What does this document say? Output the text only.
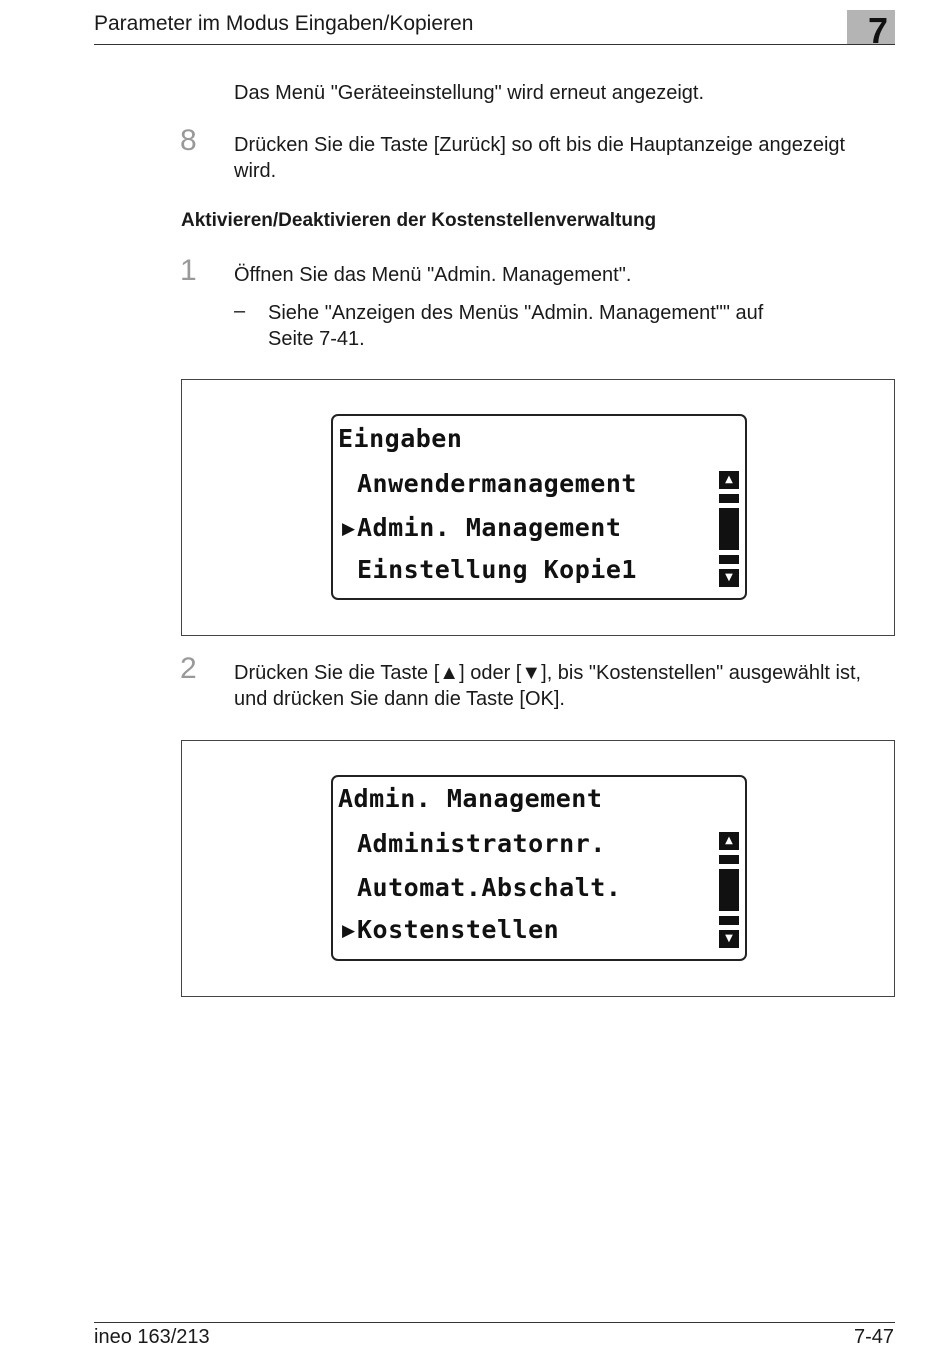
Parameter im Modus Eingaben/Kopieren	7
Das Menü "Geräteeinstellung" wird erneut angezeigt.
8 Drücken Sie die Taste [Zurück] so oft bis die Hauptanzeige angezeigt
wird.
Aktivieren/Deaktivieren der Kostenstellenverwaltung
1 Öffnen Sie das Menü "Admin. Management".
– Siehe "Anzeigen des Menüs "Admin. Management"" auf
Seite 7-41.
Eingaben
Anwendermanagement
▶ Admin. Management
Einstellung Kopie1
▲
▼
2 Drücken Sie die Taste [▲] oder [▼], bis "Kostenstellen" ausgewählt ist,
und drücken Sie dann die Taste [OK].
Admin. Management
Administratornr.
Automat.Abschalt.
▶ Kostenstellen
▲
▼
ineo 163/213	7-47
